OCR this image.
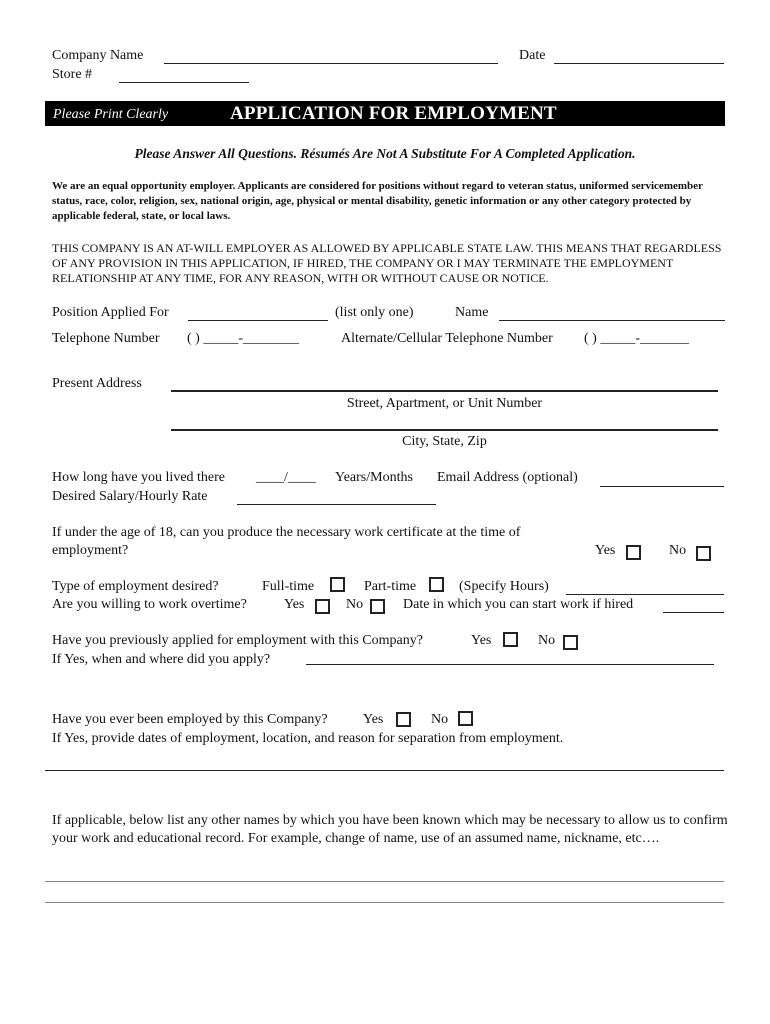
Company Name	Date
Store #
Please Print Clearly	APPLICATION FOR EMPLOYMENT
Please Answer All Questions. Résumés Are Not A Substitute For A Completed Application.
We are an equal opportunity employer. Applicants are considered for positions without regard to veteran status, uniformed servicemember status, race, color, religion, sex, national origin, age, physical or mental disability, genetic information or any other category protected by applicable federal, state, or local laws.
THIS COMPANY IS AN AT-WILL EMPLOYER AS ALLOWED BY APPLICABLE STATE LAW. THIS MEANS THAT REGARDLESS OF ANY PROVISION IN THIS APPLICATION, IF HIRED, THE COMPANY OR I MAY TERMINATE THE EMPLOYMENT RELATIONSHIP AT ANY TIME, FOR ANY REASON, WITH OR WITHOUT CAUSE OR NOTICE.
Position Applied For	(list only one)	Name
Telephone Number ( ) _____-________	Alternate/Cellular Telephone Number ( ) _____-_______
Present Address
Street, Apartment, or Unit Number
City, State, Zip
How long have you lived there ____/____ Years/Months Email Address (optional)
Desired Salary/Hourly Rate
If under the age of 18, can you produce the necessary work certificate at the time of
employment?	Yes	No
Type of employment desired?	Full-time	Part-time	(Specify Hours)
Are you willing to work overtime?	Yes	No	Date in which you can start work if hired
Have you previously applied for employment with this Company?	Yes	No
If Yes, when and where did you apply?
Have you ever been employed by this Company?	Yes	No
If Yes, provide dates of employment, location, and reason for separation from employment.
If applicable, below list any other names by which you have been known which may be necessary to allow us to confirm your work and educational record. For example, change of name, use of an assumed name, nickname, etc….
